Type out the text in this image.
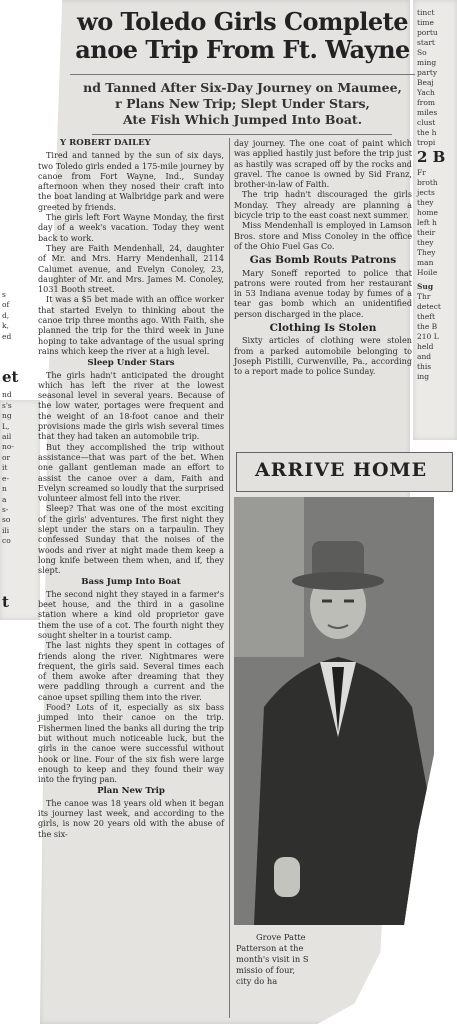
wo Toledo Girls Complete
anoe Trip From Ft. Wayne
nd Tanned After Six-Day Journey on Maumee,
r Plans New Trip; Slept Under Stars,
Ate Fish Which Jumped Into Boat.
Y ROBERT DAILEY

Tired and tanned by the sun of six days, two Toledo girls ended a 175-mile journey by canoe from Fort Wayne, Ind., Sunday afternoon when they nosed their craft into the boat landing at Walbridge park and were greeted by friends.

The girls left Fort Wayne Monday, the first day of a week's vacation. Today they went back to work.

They are Faith Mendenhall, 24, daughter of Mr. and Mrs. Harry Mendenhall, 2114 Calumet avenue, and Evelyn Conoley, 23, daughter of Mr. and Mrs. James M. Conoley, 1031 Booth street.

It was a $5 bet made with an office worker that started Evelyn to thinking about the canoe trip three months ago. With Faith, she planned the trip for the third week in June hoping to take advantage of the usual spring rains which keep the river at a high level.

Sleep Under Stars

The girls hadn't anticipated the drought which has left the river at the lowest seasonal level in several years. Because of the low water, portages were frequent and the weight of an 18-foot canoe and their provisions made the girls wish several times that they had taken an automobile trip.

But they accomplished the trip without assistance—that was part of the bet. When one gallant gentleman made an effort to assist the canoe over a dam, Faith and Evelyn screamed so loudly that the surprised volunteer almost fell into the river.

Sleep? That was one of the most exciting of the girls' adventures. The first night they slept under the stars on a tarpaulin. They confessed Sunday that the noises of the woods and river at night made them keep a long knife between them when, and if, they slept.

Bass Jump Into Boat

The second night they stayed in a farmer's beet house, and the third in a gasoline station where a kind old proprietor gave them the use of a cot. The fourth night they sought shelter in a tourist camp.

The last nights they spent in cottages of friends along the river. Nightmares were frequent, the girls said. Several times each of them awoke after dreaming that they were paddling through a current and the canoe upset spilling them into the river.

Food? Lots of it, especially as six bass jumped into their canoe on the trip. Fishermen lined the banks all during the trip but without much noticeable luck, but the girls in the canoe were successful without hook or line. Four of the six fish were large enough to keep and they found their way into the frying pan.

Plan New Trip

The canoe was 18 years old when it began its journey last week, and according to the girls, is now 20 years old with the abuse of the six-

day journey. The one coat of paint which was applied hastily just before the trip just as hastily was scraped off by the rocks and gravel. The canoe is owned by Sid Franz, brother-in-law of Faith.

The trip hadn't discouraged the girls Monday. They already are planning a bicycle trip to the east coast next summer.

Miss Mendenhall is employed in Lamson Bros. store and Miss Conoley in the office of the Ohio Fuel Gas Co.

Gas Bomb Routs Patrons

Mary Soneff reported to police that patrons were routed from her restaurant in 53 Indiana avenue today by fumes of a tear gas bomb which an unidentified person discharged in the place.

Clothing Is Stolen

Sixty articles of clothing were stolen from a parked automobile belonging to Joseph Pistilli, Curwenville, Pa., according to a report made to police Sunday.

ARRIVE HOME
Grove Patte
Patterson at the
month's visit in S
missio of four,
city do ha
tinct
time
portu
start
So
ming
party
Beaj
Yach
from
miles
clust
the h
tropi
2 B
Fr
broth
jects
they
home
left h
their
they
They
man
Hoile
Sug
Thr
detect
theft
the B
210 L
held
and
this
ing
s
of
d,
k,
ed
et
nd
s's
ng
L,
ail
no-
or
it
e-
n
a
s-
so
ili
co
t
